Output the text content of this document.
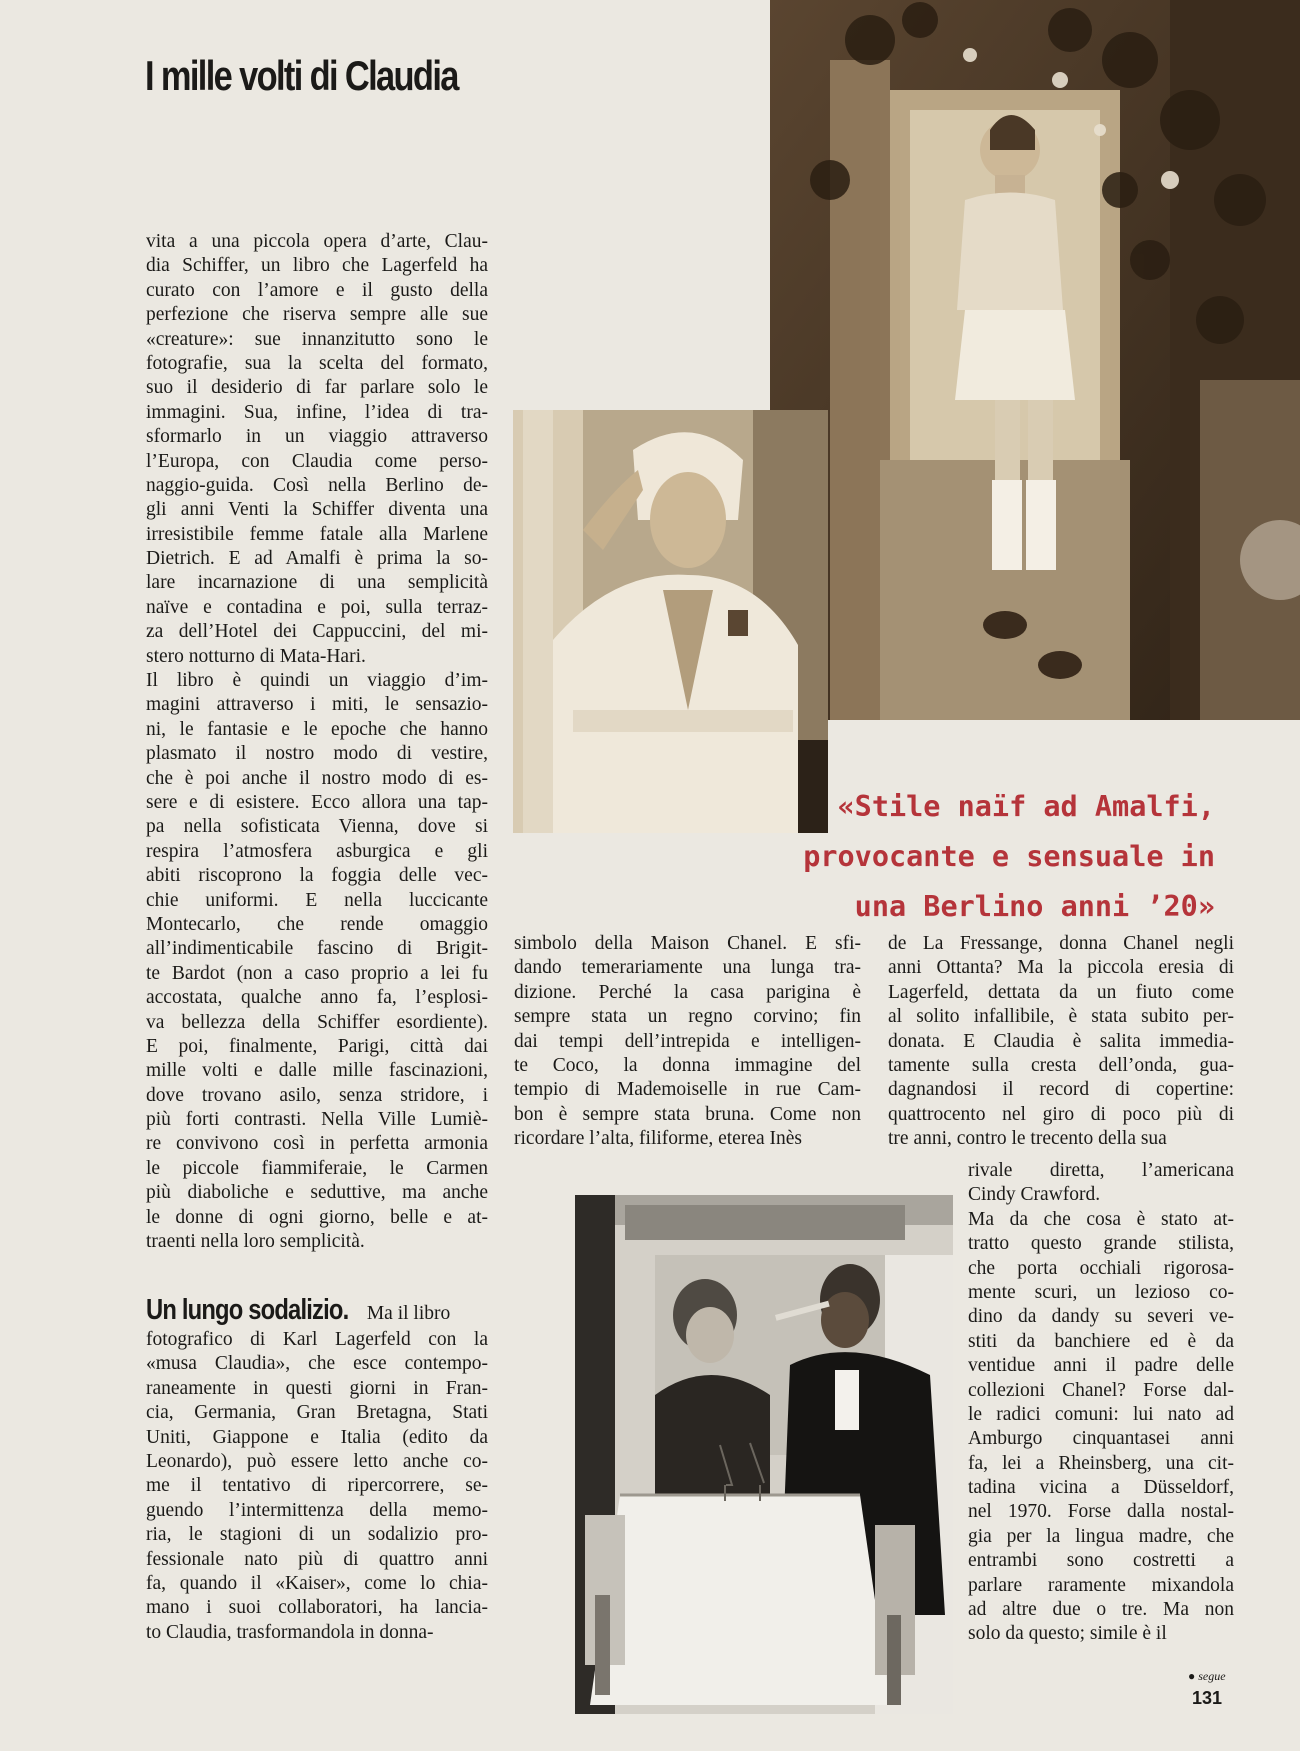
I mille volti di Claudia
«Stile naïf ad Amalfi,
provocante e sensuale in
una Berlino anni ’20»
vita a una piccola opera d’arte, Clau-
dia Schiffer, un libro che Lagerfeld ha
curato con l’amore e il gusto della
perfezione che riserva sempre alle sue
«creature»: sue innanzitutto sono le
fotografie, sua la scelta del formato,
suo il desiderio di far parlare solo le
immagini. Sua, infine, l’idea di tra-
sformarlo in un viaggio attraverso
l’Europa, con Claudia come perso-
naggio-guida. Così nella Berlino de-
gli anni Venti la Schiffer diventa una
irresistibile femme fatale alla Marlene
Dietrich. E ad Amalfi è prima la so-
lare incarnazione di una semplicità
naïve e contadina e poi, sulla terraz-
za dell’Hotel dei Cappuccini, del mi-
stero notturno di Mata-Hari.
Il libro è quindi un viaggio d’im-
magini attraverso i miti, le sensazio-
ni, le fantasie e le epoche che hanno
plasmato il nostro modo di vestire,
che è poi anche il nostro modo di es-
sere e di esistere. Ecco allora una tap-
pa nella sofisticata Vienna, dove si
respira l’atmosfera asburgica e gli
abiti riscoprono la foggia delle vec-
chie uniformi. E nella luccicante
Montecarlo, che rende omaggio
all’indimenticabile fascino di Brigit-
te Bardot (non a caso proprio a lei fu
accostata, qualche anno fa, l’esplosi-
va bellezza della Schiffer esordiente).
E poi, finalmente, Parigi, città dai
mille volti e dalle mille fascinazioni,
dove trovano asilo, senza stridore, i
più forti contrasti. Nella Ville Lumiè-
re convivono così in perfetta armonia
le piccole fiammiferaie, le Carmen
più diaboliche e seduttive, ma anche
le donne di ogni giorno, belle e at-
traenti nella loro semplicità.
Un lungo sodalizio. Ma il libro
fotografico di Karl Lagerfeld con la
«musa Claudia», che esce contempo-
raneamente in questi giorni in Fran-
cia, Germania, Gran Bretagna, Stati
Uniti, Giappone e Italia (edito da
Leonardo), può essere letto anche co-
me il tentativo di ripercorrere, se-
guendo l’intermittenza della memo-
ria, le stagioni di un sodalizio pro-
fessionale nato più di quattro anni
fa, quando il «Kaiser», come lo chia-
mano i suoi collaboratori, ha lancia-
to Claudia, trasformandola in donna-
simbolo della Maison Chanel. E sfi-
dando temerariamente una lunga tra-
dizione. Perché la casa parigina è
sempre stata un regno corvino; fin
dai tempi dell’intrepida e intelligen-
te Coco, la donna immagine del
tempio di Mademoiselle in rue Cam-
bon è sempre stata bruna. Come non
ricordare l’alta, filiforme, eterea Inès
de La Fressange, donna Chanel negli
anni Ottanta? Ma la piccola eresia di
Lagerfeld, dettata da un fiuto come
al solito infallibile, è stata subito per-
donata. E Claudia è salita immedia-
tamente sulla cresta dell’onda, gua-
dagnandosi il record di copertine:
quattrocento nel giro di poco più di
tre anni, contro le trecento della sua
rivale diretta, l’americana
Cindy Crawford.
Ma da che cosa è stato at-
tratto questo grande stilista,
che porta occhiali rigorosa-
mente scuri, un lezioso co-
dino da dandy su severi ve-
stiti da banchiere ed è da
ventidue anni il padre delle
collezioni Chanel? Forse dal-
le radici comuni: lui nato ad
Amburgo cinquantasei anni
fa, lei a Rheinsberg, una cit-
tadina vicina a Düsseldorf,
nel 1970. Forse dalla nostal-
gia per la lingua madre, che
entrambi sono costretti a
parlare raramente mixandola
ad altre due o tre. Ma non
solo da questo; simile è il
● segue
131
